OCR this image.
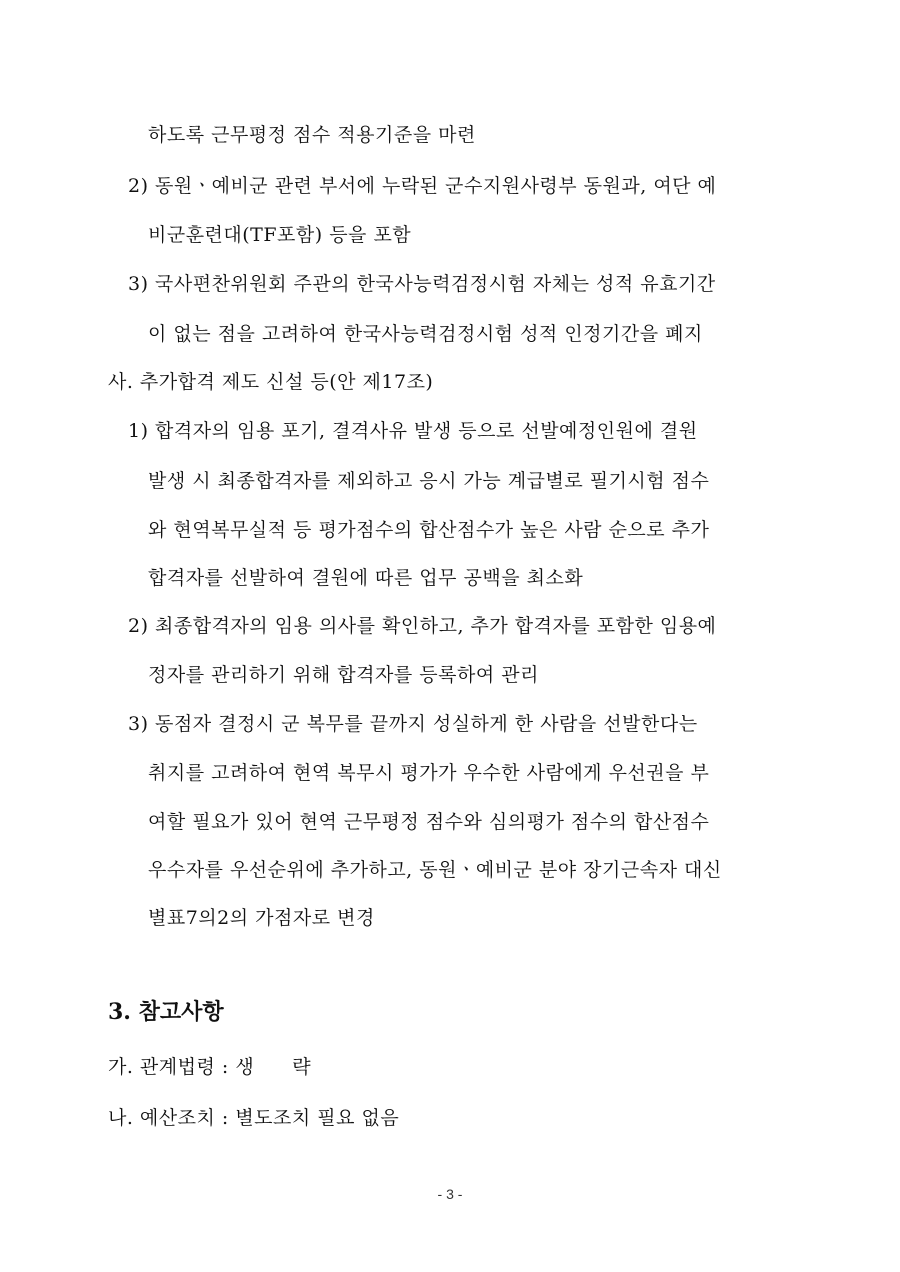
하도록 근무평정 점수 적용기준을 마련
2) 동원ㆍ예비군 관련 부서에 누락된 군수지원사령부 동원과, 여단 예
비군훈련대(TF포함) 등을 포함
3) 국사편찬위원회 주관의 한국사능력검정시험 자체는 성적 유효기간
이 없는 점을 고려하여 한국사능력검정시험 성적 인정기간을 폐지
사. 추가합격 제도 신설 등(안 제17조)
1) 합격자의 임용 포기, 결격사유 발생 등으로 선발예정인원에 결원
발생 시 최종합격자를 제외하고 응시 가능 계급별로 필기시험 점수
와 현역복무실적 등 평가점수의 합산점수가 높은 사람 순으로 추가
합격자를 선발하여 결원에 따른 업무 공백을 최소화
2) 최종합격자의 임용 의사를 확인하고, 추가 합격자를 포함한 임용예
정자를 관리하기 위해 합격자를 등록하여 관리
3) 동점자 결정시 군 복무를 끝까지 성실하게 한 사람을 선발한다는
취지를 고려하여 현역 복무시 평가가 우수한 사람에게 우선권을 부
여할 필요가 있어 현역 근무평정 점수와 심의평가 점수의 합산점수
우수자를 우선순위에 추가하고, 동원ㆍ예비군 분야 장기근속자 대신
별표7의2의 가점자로 변경
3. 참고사항
가. 관계법령 : 생 략
나. 예산조치 : 별도조치 필요 없음
- 3 -
